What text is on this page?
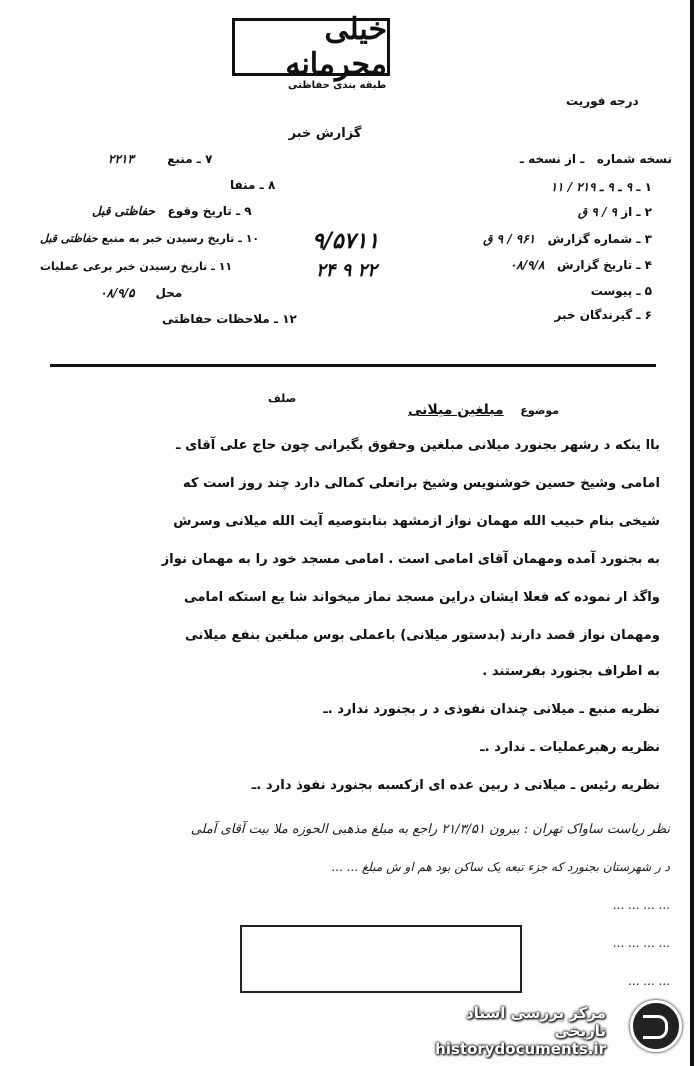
خیلی محرمانه
طبقه بندی حفاظتی
درجه فوریت
گزارش خبر
نسخه شماره   ـ از نسخه ـ
۱ ـ ۹ ـ ۹ ـ ۲۱۹ / ۱۱
۲ ـ از ۹ / ۹ ق
۳ ـ شماره گزارش   ۹۶۱ / ۹ ق
۴ ـ تاریخ گزارش   ۰۸/۹/۸
۵ ـ پیوست
۶ ـ گیرندگان خبر
۹/۵۷۱۱
۲۲ ۹ ۲۴
۷ ـ منبع        ۲۲۱۳
۸ ـ منفا
۹ ـ تاریخ وقوع   حفاظتی قبل
۱۰ ـ تاریخ رسیدن خبر به منبع حفاظتی قبل
۱۱ ـ تاریخ رسیدن خبر برعی عملیات
محل     ۰۸/۹/۵
۱۲ ـ ملاحظات حفاظتی
صلف
موضوع    مبلغین میلانی
باا ینکه د رشهر بجنورد میلانی مبلغین وحقوق بگیرانی چون حاج علی آقای ـ
امامی وشیخ حسین خوشنویس وشیخ براتعلی کمالی دارد چند روز است که
شیخی بنام حبیب الله مهمان نواز ازمشهد بنابتوصیه آیت الله میلانی وسرش
به بجنورد آمده ومهمان آقای امامی است . امامی مسجد خود را به مهمان نواز
واگذ ار نموده که فعلا ایشان دراین مسجد نماز میخواند شا یع استکه امامی
ومهمان نواز قصد دارند (بدستور میلانی) باعملی بوس مبلغین بنفع میلانی
به اطراف بجنورد بفرستند .
نظریه منبع ـ میلانی چندان نفوذی د ر بجنورد ندارد .ـ
نظریه رهبرعملیات ـ ندارد .ـ
نظریه رئیس ـ میلانی د ربین عده ای ازکسبه بجنورد نفوذ دارد .ـ
نظر ریاست ساواک تهران : بیرون ۲۱/۳/۵۱ راجع به مبلغ مذهبی الحوزه ملا بیت آقای آملی
د ر شهرستان بجنورد که جزء تبعه یک ساکن بود هم او ش مبلغ ... ...
... ... ... ...
... ... ... ...
... ... ...
مرکز بررسی اسناد تاریخی
historydocuments.ir
